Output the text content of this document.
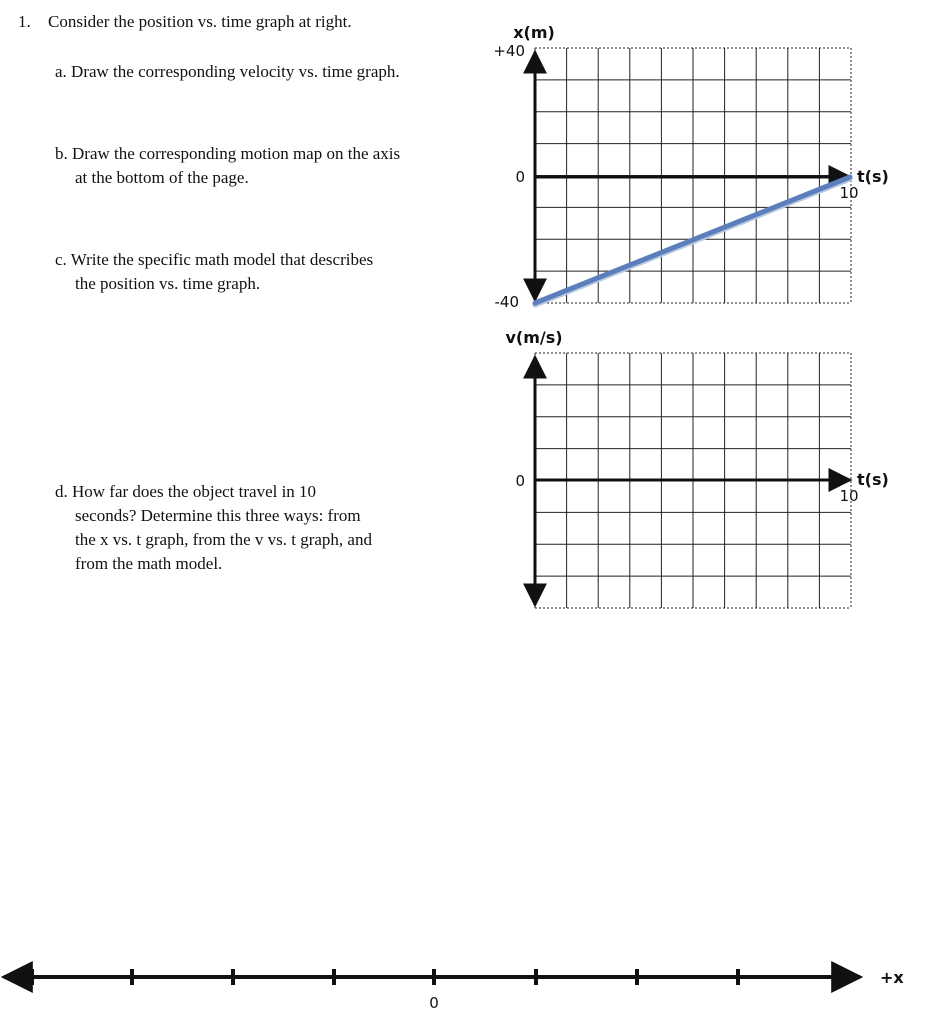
1. Consider the position vs. time graph at right.
a. Draw the corresponding velocity vs. time graph.
b. Draw the corresponding motion map on the axis
at the bottom of the page.
c. Write the specific math model that describes
the position vs. time graph.
d. How far does the object travel in 10
seconds? Determine this three ways: from
the x vs. t graph, from the v vs. t graph, and
from the math model.
x(m)
+40
0
-40
t(s)
10
v(m/s)
0	t(s)
10
0
+x
